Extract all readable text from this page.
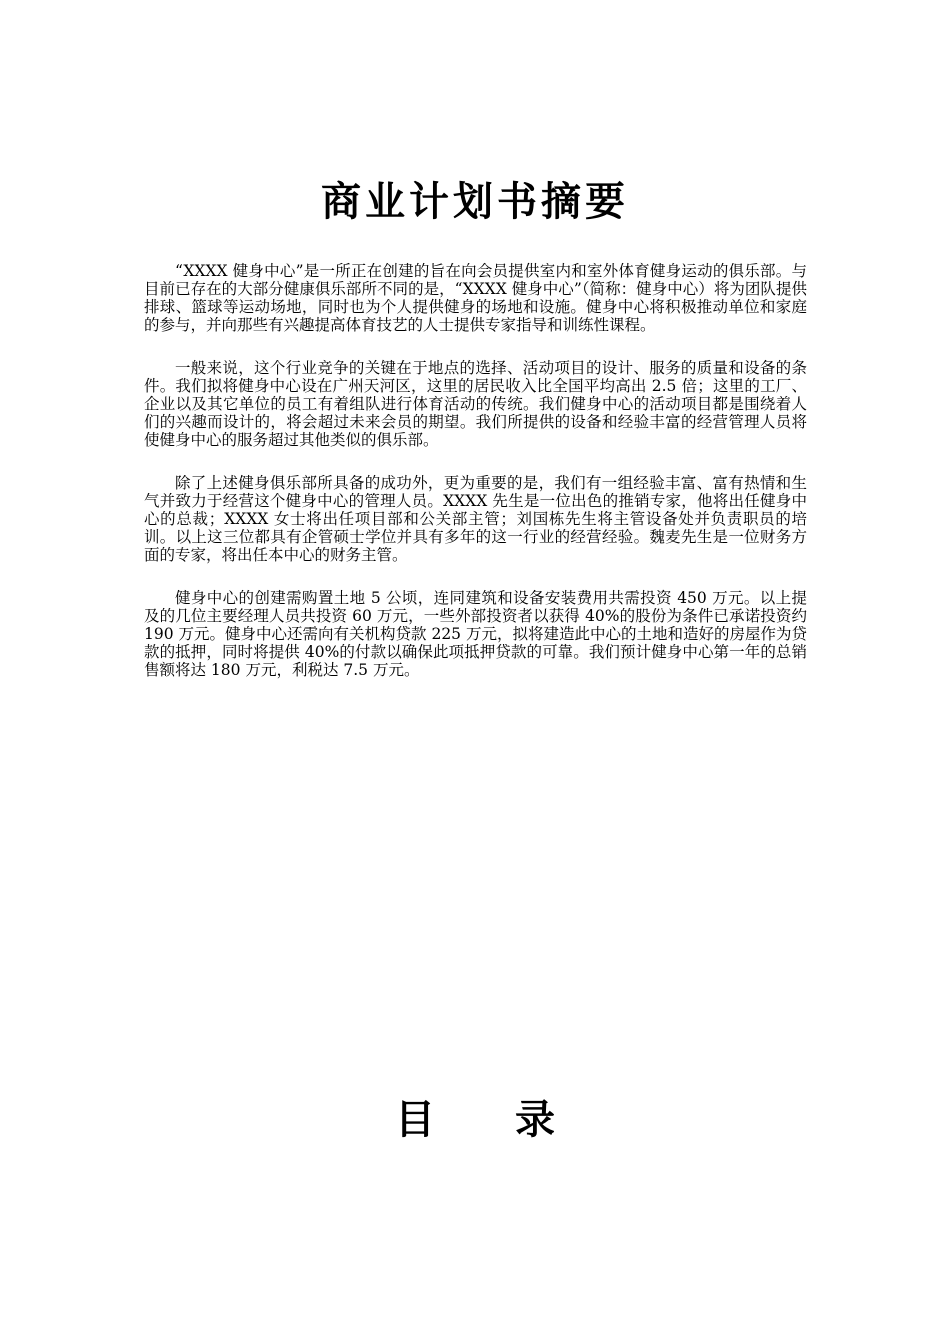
商业计划书摘要

“XXXX 健身中心”是一所正在创建的旨在向会员提供室内和室外体育健身运动的俱乐部。与目前已存在的大部分健康俱乐部所不同的是，“XXXX 健身中心”（简称：健身中心）将为团队提供排球、篮球等运动场地，同时也为个人提供健身的场地和设施。健身中心将积极推动单位和家庭的参与，并向那些有兴趣提高体育技艺的人士提供专家指导和训练性课程。

一般来说，这个行业竞争的关键在于地点的选择、活动项目的设计、服务的质量和设备的条件。我们拟将健身中心设在广州天河区，这里的居民收入比全国平均高出 2.5 倍；这里的工厂、企业以及其它单位的员工有着组队进行体育活动的传统。我们健身中心的活动项目都是围绕着人们的兴趣而设计的，将会超过未来会员的期望。我们所提供的设备和经验丰富的经营管理人员将使健身中心的服务超过其他类似的俱乐部。

除了上述健身俱乐部所具备的成功外，更为重要的是，我们有一组经验丰富、富有热情和生气并致力于经营这个健身中心的管理人员。XXXX 先生是一位出色的推销专家，他将出任健身中心的总裁；XXXX 女士将出任项目部和公关部主管；刘国栋先生将主管设备处并负责职员的培训。以上这三位都具有企管硕士学位并具有多年的这一行业的经营经验。魏麦先生是一位财务方面的专家，将出任本中心的财务主管。

健身中心的创建需购置土地 5 公顷，连同建筑和设备安装费用共需投资 450 万元。以上提及的几位主要经理人员共投资 60 万元，一些外部投资者以获得 40%的股份为条件已承诺投资约 190 万元。健身中心还需向有关机构贷款 225 万元，拟将建造此中心的土地和造好的房屋作为贷款的抵押，同时将提供 40%的付款以确保此项抵押贷款的可靠。我们预计健身中心第一年的总销售额将达 180 万元，利税达 7.5 万元。

目 录
